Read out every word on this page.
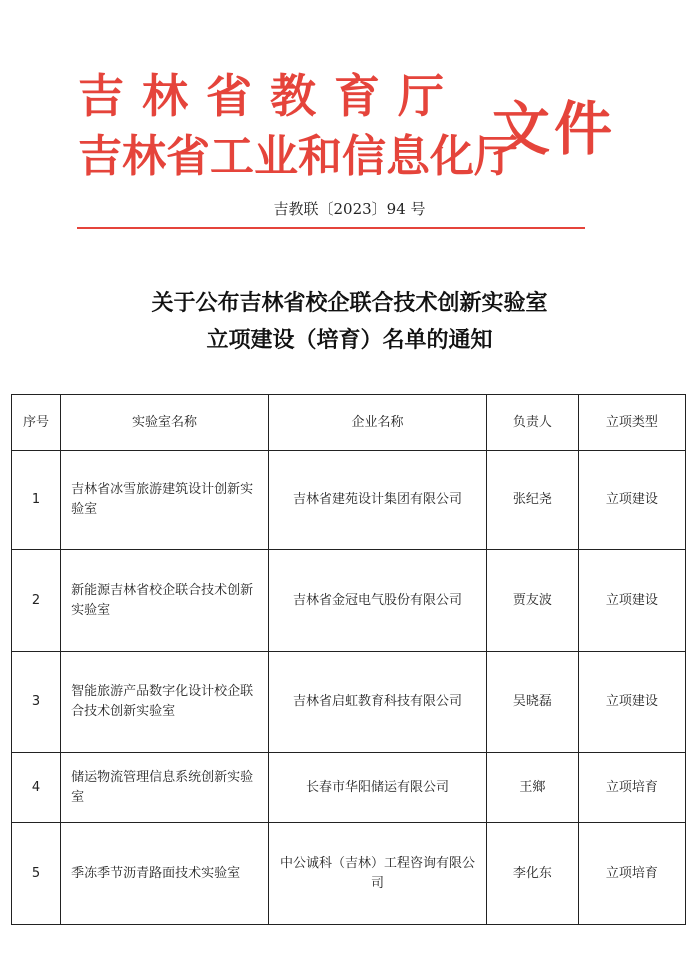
吉林省教育厅
吉林省工业和信息化厅
文件
吉教联〔2023〕94 号
关于公布吉林省校企联合技术创新实验室
立项建设（培育）名单的通知
序号	实验室名称	企业名称	负责人	立项类型
1	吉林省冰雪旅游建筑设计创新实验室	吉林省建苑设计集团有限公司	张纪尧	立项建设
2	新能源吉林省校企联合技术创新实验室	吉林省金冠电气股份有限公司	贾友波	立项建设
3	智能旅游产品数字化设计校企联合技术创新实验室	吉林省启虹教育科技有限公司	吴晓磊	立项建设
4	储运物流管理信息系统创新实验室	长春市华阳储运有限公司	王鄉	立项培育
5	季冻季节沥青路面技术实验室	中公诚科（吉林）工程咨询有限公司	李化东	立项培育
